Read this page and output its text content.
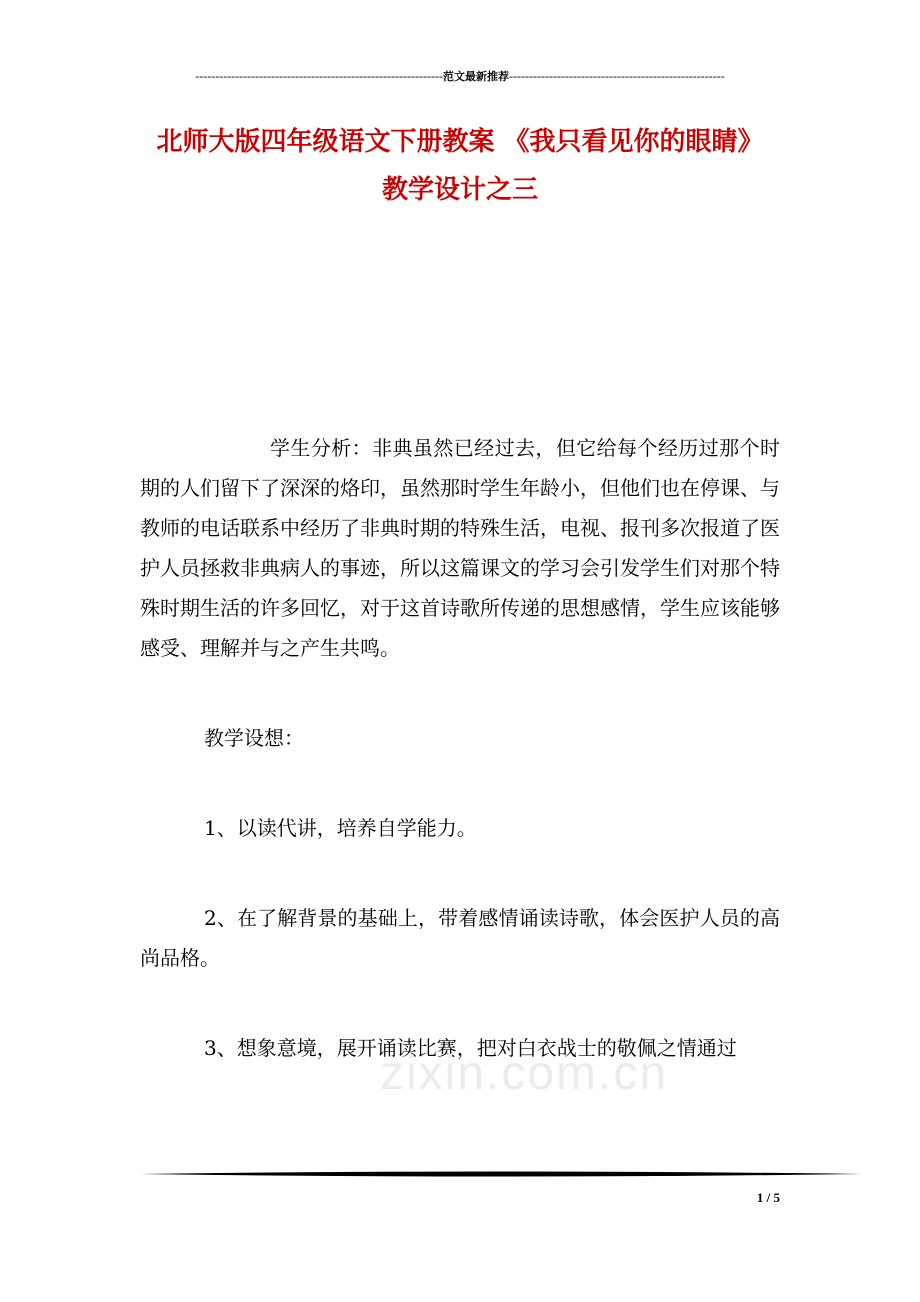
--------------------------------------------------------------范文最新推荐------------------------------------------------------
北师大版四年级语文下册教案 《我只看见你的眼睛》
教学设计之三

学生分析：非典虽然已经过去，但它给每个经历过那个时期的人们留下了深深的烙印，虽然那时学生年龄小，但他们也在停课、与教师的电话联系中经历了非典时期的特殊生活，电视、报刊多次报道了医护人员拯救非典病人的事迹，所以这篇课文的学习会引发学生们对那个特殊时期生活的许多回忆，对于这首诗歌所传递的思想感情，学生应该能够感受、理解并与之产生共鸣。

教学设想：

1、以读代讲，培养自学能力。

2、在了解背景的基础上，带着感情诵读诗歌，体会医护人员的高尚品格。

3、想象意境，展开诵读比赛，把对白衣战士的敬佩之情通过

zixin.com.cn
1 / 5
